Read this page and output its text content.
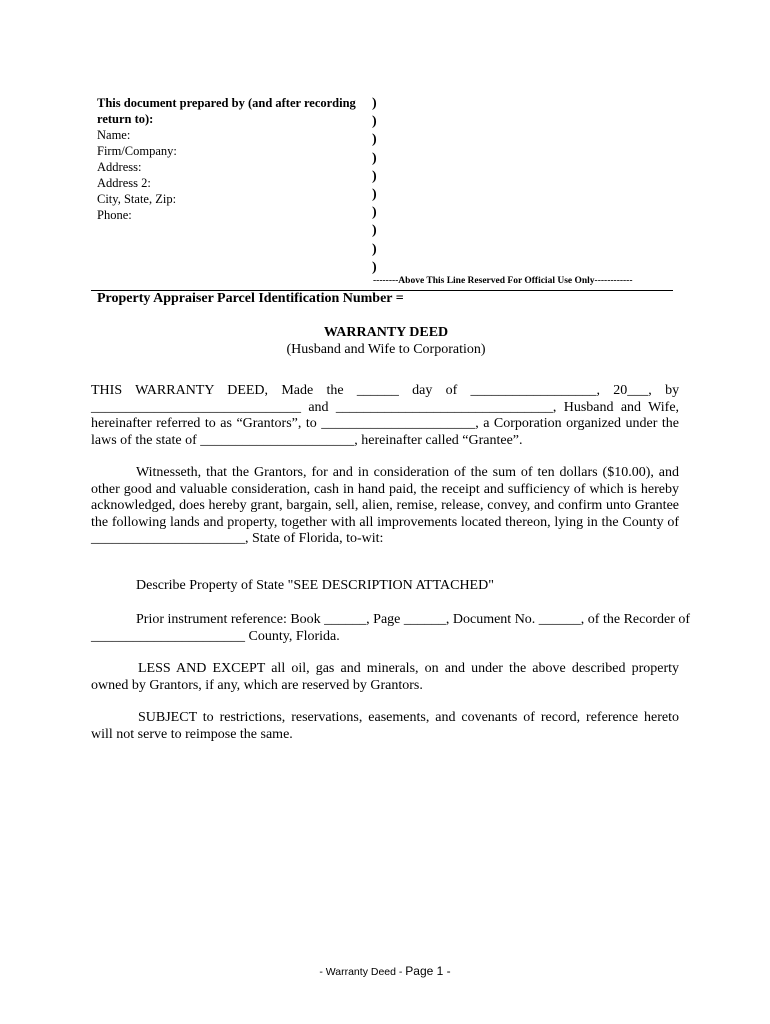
This document prepared by (and after recording return to):
Name:
Firm/Company:
Address:
Address 2:
City, State, Zip:
Phone:
)
)
)
)
)
)
)
)
)
)
--------Above This Line Reserved For Official Use Only------------
Property Appraiser Parcel Identification Number =
WARRANTY DEED
(Husband and Wife to Corporation)
THIS WARRANTY DEED, Made the ______ day of __________________, 20___, by
______________________________ and _______________________________, Husband and Wife,
hereinafter referred to as “Grantors”, to ______________________, a Corporation organized under the
laws of the state of ______________________, hereinafter called “Grantee”.
Witnesseth, that the Grantors, for and in consideration of the sum of ten dollars ($10.00), and other good and valuable consideration, cash in hand paid, the receipt and sufficiency of which is hereby acknowledged, does hereby grant, bargain, sell, alien, remise, release, convey, and confirm unto Grantee the following lands and property, together with all improvements located thereon, lying in the County of ______________________, State of Florida, to-wit:
Describe Property of State "SEE DESCRIPTION ATTACHED"
Prior instrument reference: Book ______, Page ______, Document No. ______, of the Recorder of
______________________ County, Florida.
LESS AND EXCEPT all oil, gas and minerals, on and under the above described property owned by Grantors, if any, which are reserved by Grantors.
SUBJECT to restrictions, reservations, easements, and covenants of record, reference hereto will not serve to reimpose the same.
- Warranty Deed - Page 1 -
